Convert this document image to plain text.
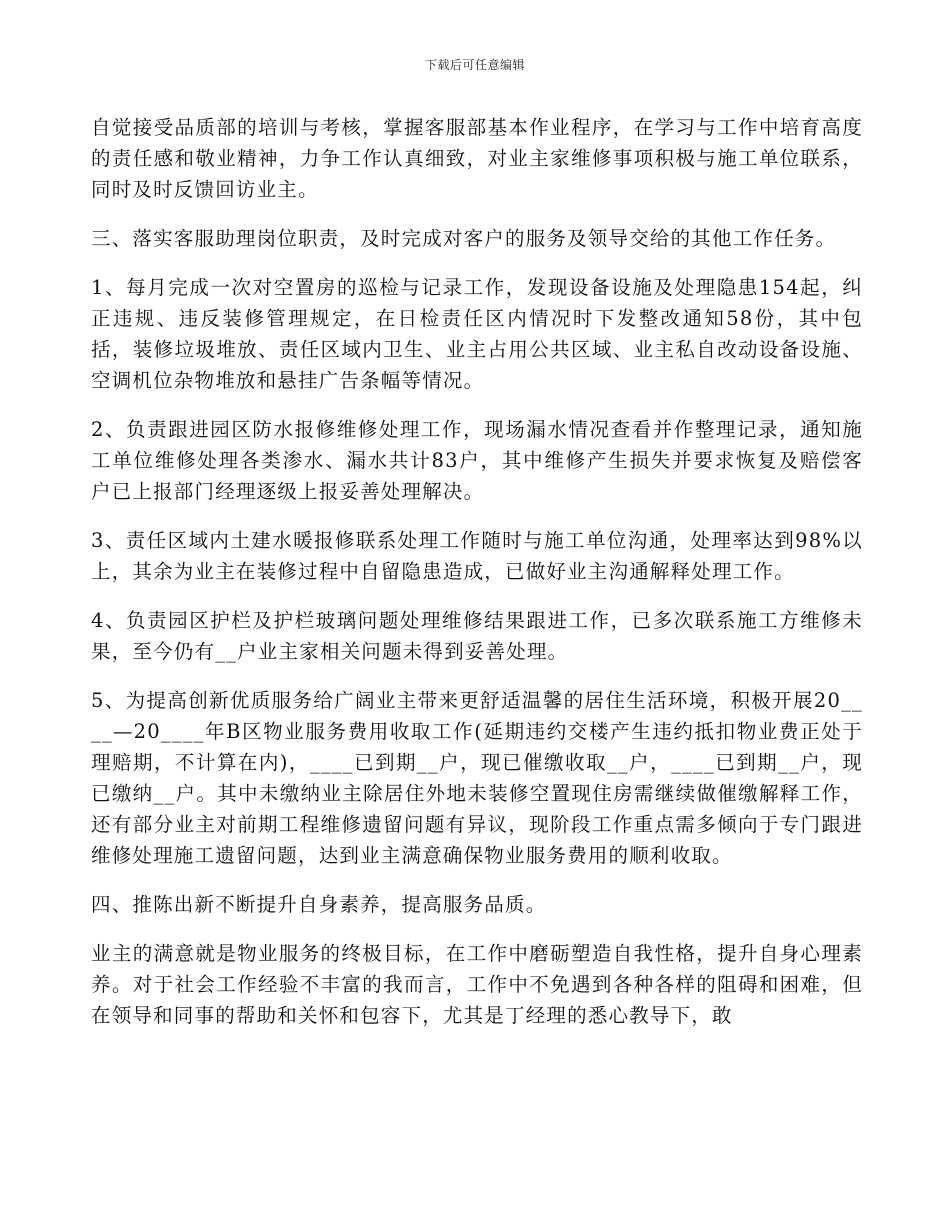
下载后可任意编辑

自觉接受品质部的培训与考核，掌握客服部基本作业程序，在学习与工作中培育高度的责任感和敬业精神，力争工作认真细致，对业主家维修事项积极与施工单位联系，同时及时反馈回访业主。

三、落实客服助理岗位职责，及时完成对客户的服务及领导交给的其他工作任务。

1、每月完成一次对空置房的巡检与记录工作，发现设备设施及处理隐患154起，纠正违规、违反装修管理规定，在日检责任区内情况时下发整改通知58份，其中包括，装修垃圾堆放、责任区域内卫生、业主占用公共区域、业主私自改动设备设施、空调机位杂物堆放和悬挂广告条幅等情况。

2、负责跟进园区防水报修维修处理工作，现场漏水情况查看并作整理记录，通知施工单位维修处理各类渗水、漏水共计83户，其中维修产生损失并要求恢复及赔偿客户已上报部门经理逐级上报妥善处理解决。

3、责任区域内土建水暖报修联系处理工作随时与施工单位沟通，处理率达到98%以上，其余为业主在装修过程中自留隐患造成，已做好业主沟通解释处理工作。

4、负责园区护栏及护栏玻璃问题处理维修结果跟进工作，已多次联系施工方维修未果，至今仍有__户业主家相关问题未得到妥善处理。

5、为提高创新优质服务给广阔业主带来更舒适温馨的居住生活环境，积极开展20____—20____年B区物业服务费用收取工作(延期违约交楼产生违约抵扣物业费正处于理赔期，不计算在内)，____已到期__户，现已催缴收取__户，____已到期__户，现已缴纳__户。其中未缴纳业主除居住外地未装修空置现住房需继续做催缴解释工作，还有部分业主对前期工程维修遗留问题有异议，现阶段工作重点需多倾向于专门跟进维修处理施工遗留问题，达到业主满意确保物业服务费用的顺利收取。

四、推陈出新不断提升自身素养，提高服务品质。

业主的满意就是物业服务的终极目标，在工作中磨砺塑造自我性格，提升自身心理素养。对于社会工作经验不丰富的我而言，工作中不免遇到各种各样的阻碍和困难，但在领导和同事的帮助和关怀和包容下，尤其是丁经理的悉心教导下，敢
